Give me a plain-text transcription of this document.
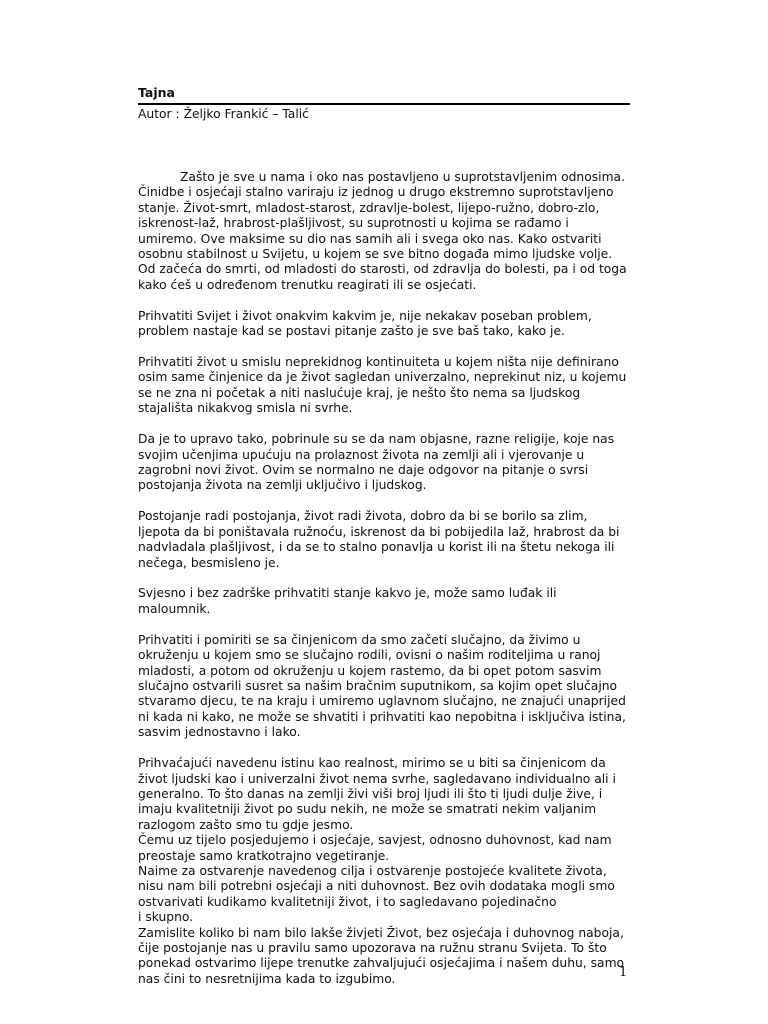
Tajna
Autor : Željko Frankić – Talić

Zašto je sve u nama i oko nas postavljeno u suprotstavljenim odnosima. Činidbe i osjećaji stalno variraju iz jednog u drugo ekstremno suprotstavljeno stanje. Život-smrt, mladost-starost, zdravlje-bolest, lijepo-ružno, dobro-zlo, iskrenost-laž, hrabrost-plašljivost, su suprotnosti u kojima se rađamo i umiremo. Ove maksime su dio nas samih ali i svega oko nas. Kako ostvariti osobnu stabilnost u Svijetu, u kojem se sve bitno događa mimo ljudske volje. Od začeća do smrti, od mladosti do starosti, od zdravlja do bolesti, pa i od toga kako ćeš u određenom trenutku reagirati ili se osjećati.

Prihvatiti Svijet i život onakvim kakvim je, nije nekakav poseban problem, problem nastaje kad se postavi pitanje zašto je sve baš tako, kako je.

Prihvatiti život u smislu neprekidnog kontinuiteta u kojem ništa nije definirano osim same činjenice da je život sagledan univerzalno, neprekinut niz, u kojemu se ne zna ni početak a niti naslućuje kraj, je nešto što nema sa ljudskog stajališta nikakvog smisla ni svrhe.

Da je to upravo tako, pobrinule su se da nam objasne, razne religije, koje nas svojim učenjima upućuju na prolaznost života na zemlji ali i vjerovanje u zagrobni novi život. Ovim se normalno ne daje odgovor na pitanje o svrsi postojanja života na zemlji uključivo i ljudskog.

Postojanje radi postojanja, život radi života, dobro da bi se borilo sa zlim, ljepota da bi poništavala ružnoću, iskrenost da bi pobijedila laž, hrabrost da bi nadvladala plašljivost, i da se to stalno ponavlja u korist ili na štetu nekoga ili nečega, besmisleno je.

Svjesno i bez zadrške prihvatiti stanje kakvo je, može samo luđak ili maloumnik.

Prihvatiti i pomiriti se sa činjenicom da smo začeti slučajno, da živimo u okruženju u kojem smo se slučajno rodili, ovisni o našim roditeljima u ranoj mladosti, a potom od okruženju u kojem rastemo, da bi opet potom sasvim slučajno ostvarili susret sa našim bračnim suputnikom, sa kojim opet slučajno stvaramo djecu, te na kraju i umiremo uglavnom slučajno, ne znajući unaprijed ni kada ni kako, ne može se shvatiti i prihvatiti kao nepobitna i isključiva istina, sasvim jednostavno i lako.

Prihvaćajući navedenu istinu kao realnost, mirimo se u biti sa činjenicom da život ljudski kao i univerzalni život nema svrhe, sagledavano individualno ali i generalno. To što danas na zemlji živi viši broj ljudi ili što ti ljudi dulje žive, i imaju kvalitetniji život po sudu nekih, ne može se smatrati nekim valjanim razlogom zašto smo tu gdje jesmo.

Čemu uz tijelo posjedujemo i osjećaje, savjest, odnosno duhovnost, kad nam preostaje samo kratkotrajno vegetiranje.

Naime za ostvarenje navedenog cilja i ostvarenje postojeće kvalitete života, nisu nam bili potrebni osjećaji a niti duhovnost. Bez ovih dodataka mogli smo ostvarivati kudikamo kvalitetniji život, i to sagledavano pojedinačno

i skupno.

Zamislite koliko bi nam bilo lakše živjeti Život, bez osjećaja i duhovnog naboja, čije postojanje nas u pravilu samo upozorava na ružnu stranu Svijeta. To što ponekad ostvarimo lijepe trenutke zahvaljujući osjećajima i našem duhu, samo nas čini to nesretnijima kada to izgubimo.	1
